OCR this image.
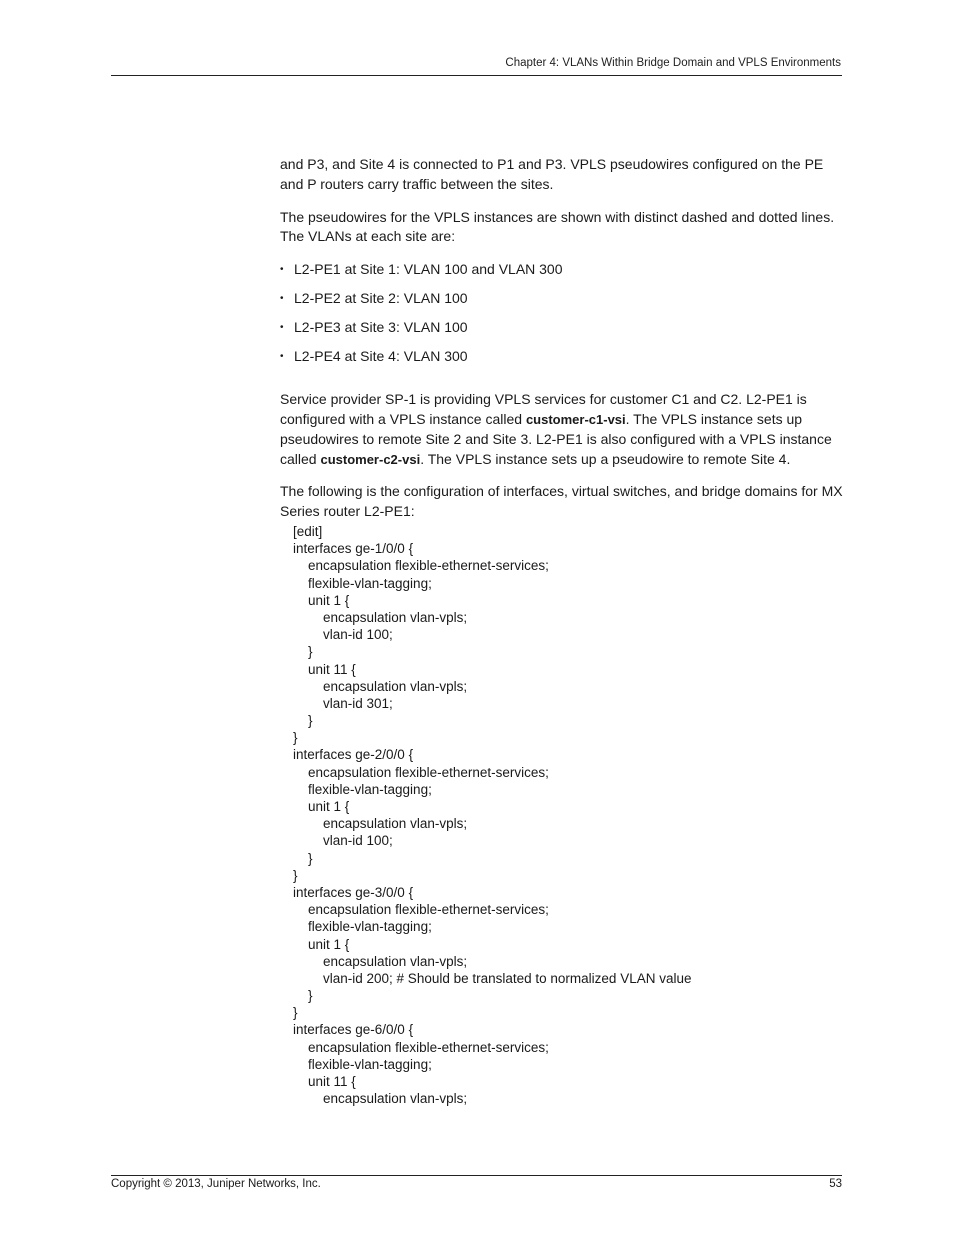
Chapter 4: VLANs Within Bridge Domain and VPLS Environments

and P3, and Site 4 is connected to P1 and P3. VPLS pseudowires configured on the PE and P routers carry traffic between the sites.

The pseudowires for the VPLS instances are shown with distinct dashed and dotted lines. The VLANs at each site are:

• L2-PE1 at Site 1: VLAN 100 and VLAN 300
• L2-PE2 at Site 2: VLAN 100
• L2-PE3 at Site 3: VLAN 100
• L2-PE4 at Site 4: VLAN 300

Service provider SP-1 is providing VPLS services for customer C1 and C2. L2-PE1 is configured with a VPLS instance called customer-c1-vsi. The VPLS instance sets up pseudowires to remote Site 2 and Site 3. L2-PE1 is also configured with a VPLS instance called customer-c2-vsi. The VPLS instance sets up a pseudowire to remote Site 4.

The following is the configuration of interfaces, virtual switches, and bridge domains for MX Series router L2-PE1:

[edit]
interfaces ge-1/0/0 {
encapsulation flexible-ethernet-services;
flexible-vlan-tagging;
unit 1 {
encapsulation vlan-vpls;
vlan-id 100;
}
unit 11 {
encapsulation vlan-vpls;
vlan-id 301;
}
}
interfaces ge-2/0/0 {
encapsulation flexible-ethernet-services;
flexible-vlan-tagging;
unit 1 {
encapsulation vlan-vpls;
vlan-id 100;
}
}
interfaces ge-3/0/0 {
encapsulation flexible-ethernet-services;
flexible-vlan-tagging;
unit 1 {
encapsulation vlan-vpls;
vlan-id 200; # Should be translated to normalized VLAN value
}
}
interfaces ge-6/0/0 {
encapsulation flexible-ethernet-services;
flexible-vlan-tagging;
unit 11 {
encapsulation vlan-vpls;
Copyright © 2013, Juniper Networks, Inc.	53
